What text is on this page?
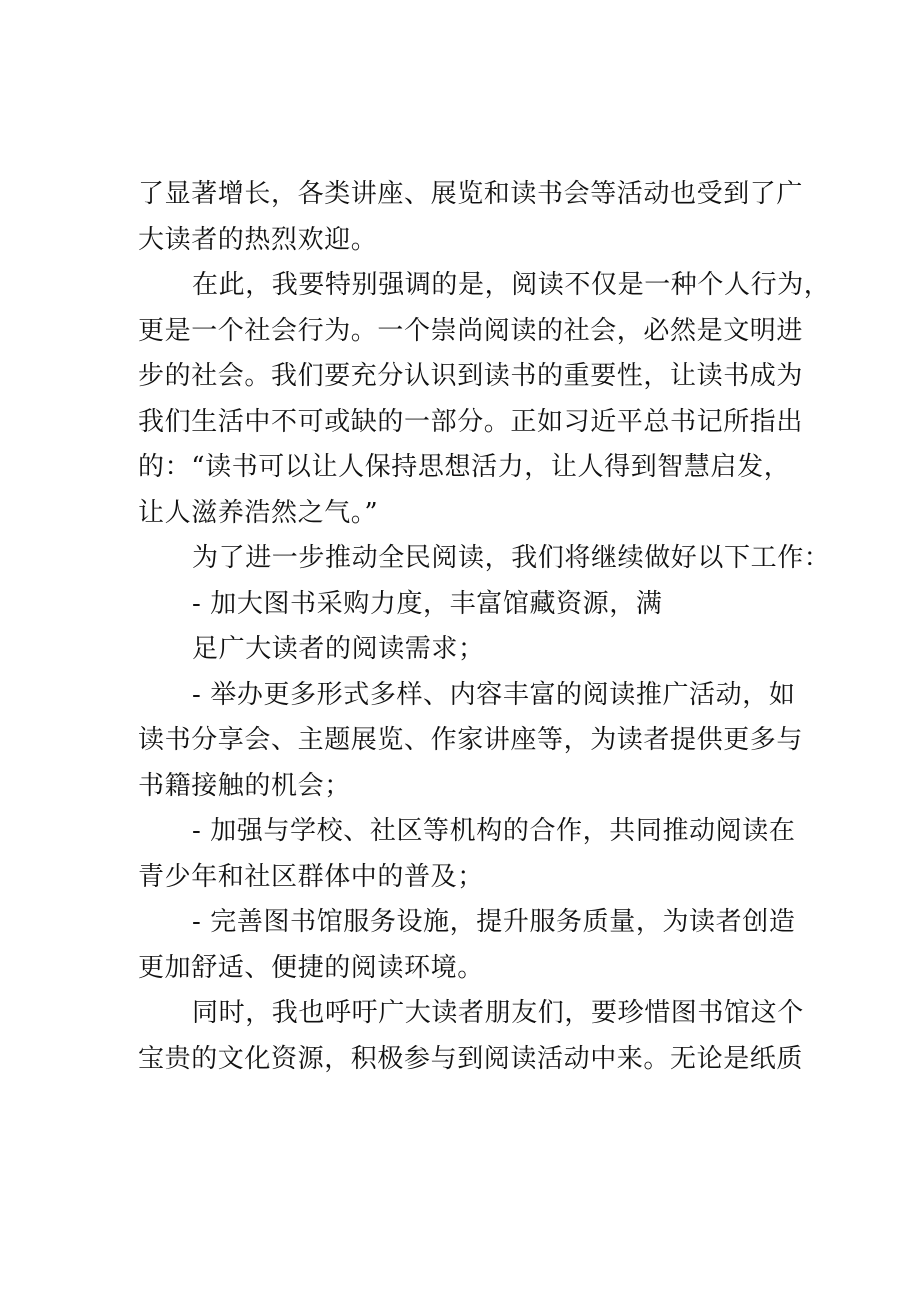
了显著增长，各类讲座、展览和读书会等活动也受到了广
大读者的热烈欢迎。
在此，我要特别强调的是，阅读不仅是一种个人行为，
更是一个社会行为。一个崇尚阅读的社会，必然是文明进
步的社会。我们要充分认识到读书的重要性，让读书成为
我们生活中不可或缺的一部分。正如习近平总书记所指出
的：“读书可以让人保持思想活力，让人得到智慧启发，
让人滋养浩然之气。”
为了进一步推动全民阅读，我们将继续做好以下工作：
- 加大图书采购力度，丰富馆藏资源，满
足广大读者的阅读需求；
- 举办更多形式多样、内容丰富的阅读推广活动，如
读书分享会、主题展览、作家讲座等，为读者提供更多与
书籍接触的机会；
- 加强与学校、社区等机构的合作，共同推动阅读在
青少年和社区群体中的普及；
- 完善图书馆服务设施，提升服务质量，为读者创造
更加舒适、便捷的阅读环境。
同时，我也呼吁广大读者朋友们，要珍惜图书馆这个
宝贵的文化资源，积极参与到阅读活动中来。无论是纸质
